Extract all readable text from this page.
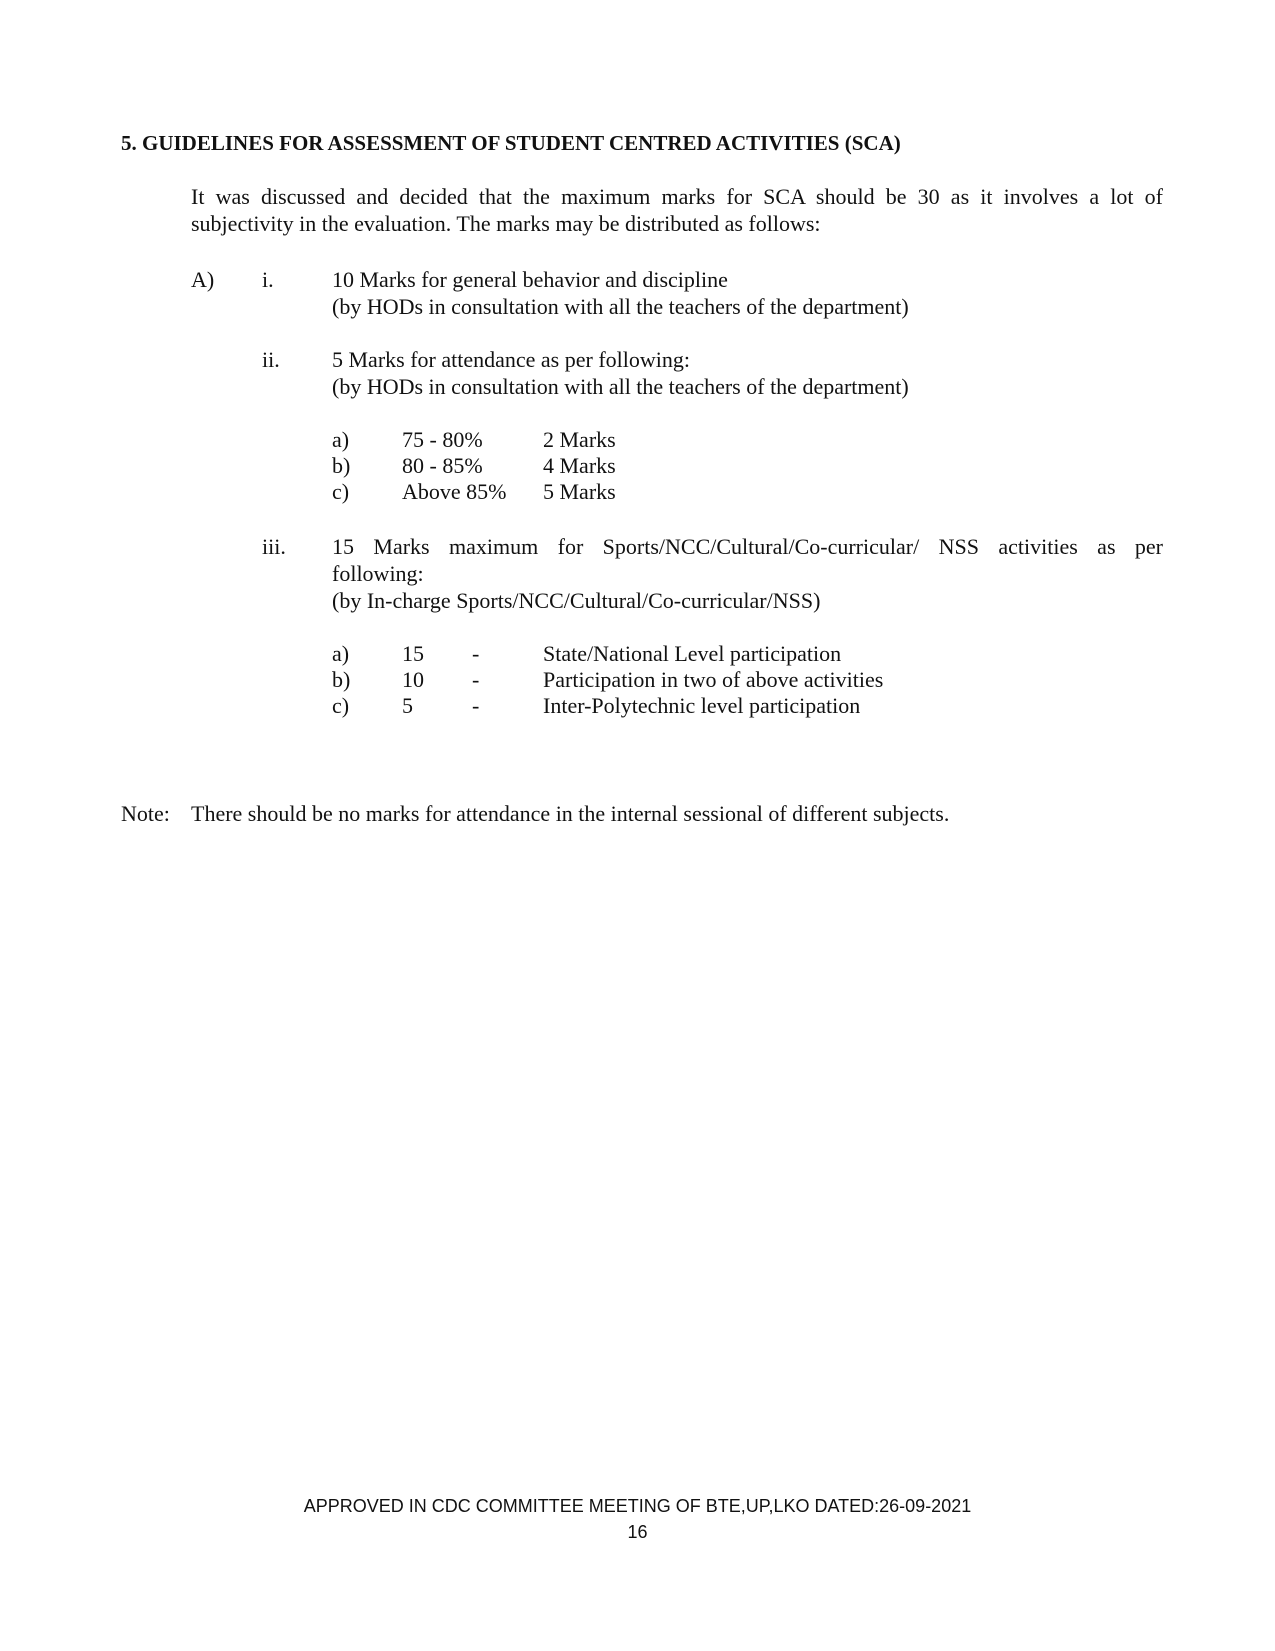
5. GUIDELINES FOR ASSESSMENT OF STUDENT CENTRED ACTIVITIES (SCA)
It was discussed and decided that the maximum marks for SCA should be 30 as it involves a lot of subjectivity in the evaluation. The marks may be distributed as follows:
A) i.	10 Marks for general behavior and discipline
(by HODs in consultation with all the teachers of the department)
ii. 5 Marks for attendance as per following:
(by HODs in consultation with all the teachers of the department)
a) 75 - 80%	2 Marks
b) 80 - 85%	4 Marks
c) Above 85% 5 Marks
iii. 15 Marks maximum for Sports/NCC/Cultural/Co-curricular/ NSS activities as per
following:
(by In-charge Sports/NCC/Cultural/Co-curricular/NSS)
a) 15 -	State/National Level participation
b) 10 -	Participation in two of above activities
c) 5	-	Inter-Polytechnic level participation
Note: There should be no marks for attendance in the internal sessional of different subjects.
APPROVED IN CDC COMMITTEE MEETING OF BTE,UP,LKO DATED:26-09-2021
16
